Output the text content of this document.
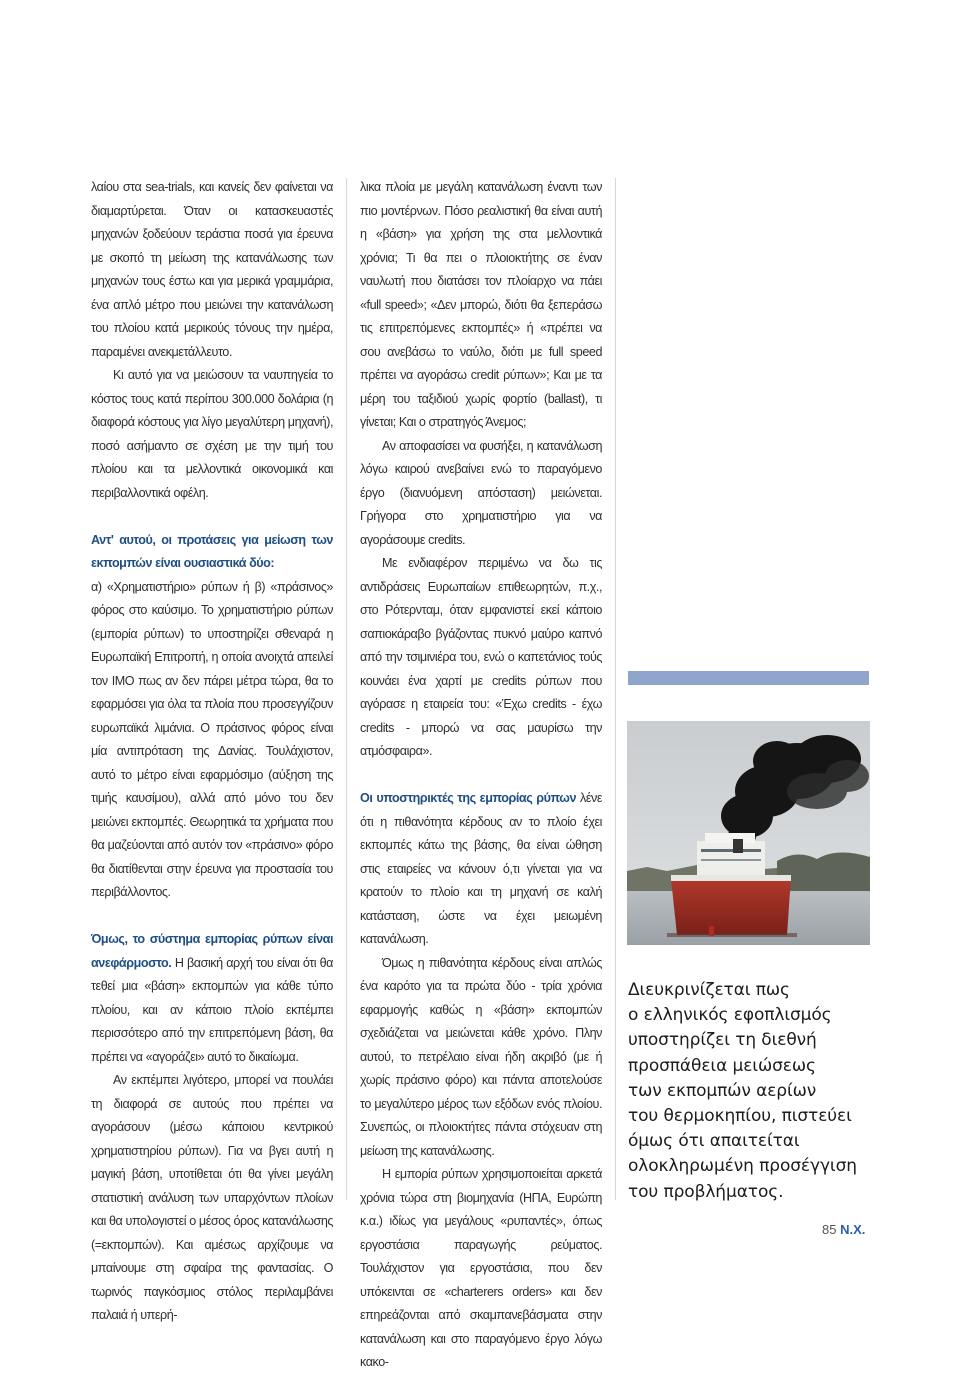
λαίου στα sea-trials, και κανείς δεν φαίνεται να διαμαρτύρεται. Όταν οι κατασκευαστές μηχανών ξοδεύουν τεράστια ποσά για έρευνα με σκοπό τη μείωση της κατανάλωσης των μηχανών τους έστω και για μερικά γραμμάρια, ένα απλό μέτρο που μειώνει την κατανάλωση του πλοίου κατά μερικούς τόνους την ημέρα, παραμένει ανεκμετάλλευτο.

Κι αυτό για να μειώσουν τα ναυπηγεία το κόστος τους κατά περίπου 300.000 δολάρια (η διαφορά κόστους για λίγο μεγαλύτερη μηχανή), ποσό ασήμαντο σε σχέση με την τιμή του πλοίου και τα μελλοντικά οικονομικά και περιβαλλοντικά οφέλη.

Αντ' αυτού, οι προτάσεις για μείωση των εκπομπών είναι ουσιαστικά δύο:

α) «Χρηματιστήριο» ρύπων ή β) «πράσινος» φόρος στο καύσιμο. Το χρηματιστήριο ρύπων (εμπορία ρύπων) το υποστηρίζει σθεναρά η Ευρωπαϊκή Επιτροπή, η οποία ανοιχτά απειλεί τον ΙΜΟ πως αν δεν πάρει μέτρα τώρα, θα το εφαρμόσει για όλα τα πλοία που προσεγγίζουν ευρωπαϊκά λιμάνια. Ο πράσινος φόρος είναι μία αντιπρόταση της Δανίας. Τουλάχιστον, αυτό το μέτρο είναι εφαρμόσιμο (αύξηση της τιμής καυσίμου), αλλά από μόνο του δεν μειώνει εκπομπές. Θεωρητικά τα χρήματα που θα μαζεύονται από αυτόν τον «πράσινο» φόρο θα διατίθενται στην έρευνα για προστασία του περιβάλλοντος.

Όμως, το σύστημα εμπορίας ρύπων είναι ανεφάρμοστο. Η βασική αρχή του είναι ότι θα τεθεί μια «βάση» εκπομπών για κάθε τύπο πλοίου, και αν κάποιο πλοίο εκπέμπει περισσότερο από την επιτρεπόμενη βάση, θα πρέπει να «αγοράζει» αυτό το δικαίωμα.

Αν εκπέμπει λιγότερο, μπορεί να πουλάει τη διαφορά σε αυτούς που πρέπει να αγοράσουν (μέσω κάποιου κεντρικού χρηματιστηρίου ρύπων). Για να βγει αυτή η μαγική βάση, υποτίθεται ότι θα γίνει μεγάλη στατιστική ανάλυση των υπαρχόντων πλοίων και θα υπολογιστεί ο μέσος όρος κατανάλωσης (=εκπομπών). Και αμέσως αρχίζουμε να μπαίνουμε στη σφαίρα της φαντασίας. Ο τωρινός παγκόσμιος στόλος περιλαμβάνει παλαιά ή υπερή-

λικα πλοία με μεγάλη κατανάλωση έναντι των πιο μοντέρνων. Πόσο ρεαλιστική θα είναι αυτή η «βάση» για χρήση της στα μελλοντικά χρόνια; Τι θα πει ο πλοιοκτήτης σε έναν ναυλωτή που διατάσει τον πλοίαρχο να πάει «full speed»; «Δεν μπορώ, διότι θα ξεπεράσω τις επιτρεπόμενες εκπομπές» ή «πρέπει να σου ανεβάσω το ναύλο, διότι με full speed πρέπει να αγοράσω credit ρύπων»; Και με τα μέρη του ταξιδιού χωρίς φορτίο (ballast), τι γίνεται; Και ο στρατηγός Άνεμος;

Αν αποφασίσει να φυσήξει, η κατανάλωση λόγω καιρού ανεβαίνει ενώ το παραγόμενο έργο (διανυόμενη απόσταση) μειώνεται. Γρήγορα στο χρηματιστήριο για να αγοράσουμε credits.

Με ενδιαφέρον περιμένω να δω τις αντιδράσεις Ευρωπαίων επιθεωρητών, π.χ., στο Ρότερνταμ, όταν εμφανιστεί εκεί κάποιο σαπιοκάραβο βγάζοντας πυκνό μαύρο καπνό από την τσιμινιέρα του, ενώ ο καπετάνιος τούς κουνάει ένα χαρτί με credits ρύπων που αγόρασε η εταιρεία του: «Έχω credits - έχω credits - μπορώ να σας μαυρίσω την ατμόσφαιρα».

Οι υποστηρικτές της εμπορίας ρύπων λένε ότι η πιθανότητα κέρδους αν το πλοίο έχει εκπομπές κάτω της βάσης, θα είναι ώθηση στις εταιρείες να κάνουν ό,τι γίνεται για να κρατούν το πλοίο και τη μηχανή σε καλή κατάσταση, ώστε να έχει μειωμένη κατανάλωση.

Όμως η πιθανότητα κέρδους είναι απλώς ένα καρότο για τα πρώτα δύο - τρία χρόνια εφαρμογής καθώς η «βάση» εκπομπών σχεδιάζεται να μειώνεται κάθε χρόνο. Πλην αυτού, το πετρέλαιο είναι ήδη ακριβό (με ή χωρίς πράσινο φόρο) και πάντα αποτελούσε το μεγαλύτερο μέρος των εξόδων ενός πλοίου. Συνεπώς, οι πλοιοκτήτες πάντα στόχευαν στη μείωση της κατανάλωσης.

Η εμπορία ρύπων χρησιμοποιείται αρκετά χρόνια τώρα στη βιομηχανία (ΗΠΑ, Ευρώπη κ.α.) ιδίως για μεγάλους «ρυπαντές», όπως εργοστάσια παραγωγής ρεύματος. Τουλάχιστον για εργοστάσια, που δεν υπόκεινται σε «charterers orders» και δεν επηρεάζονται από σκαμπανεβάσματα στην κατανάλωση και στο παραγόμενο έργο λόγω κακο-

Διευκρινίζεται πως
ο ελληνικός εφοπλισμός
υποστηρίζει τη διεθνή
προσπάθεια μειώσεως
των εκπομπών αερίων
του θερμοκηπίου, πιστεύει
όμως ότι απαιτείται
ολοκληρωμένη προσέγγιση
του προβλήματος.
85 Ν.Χ.
